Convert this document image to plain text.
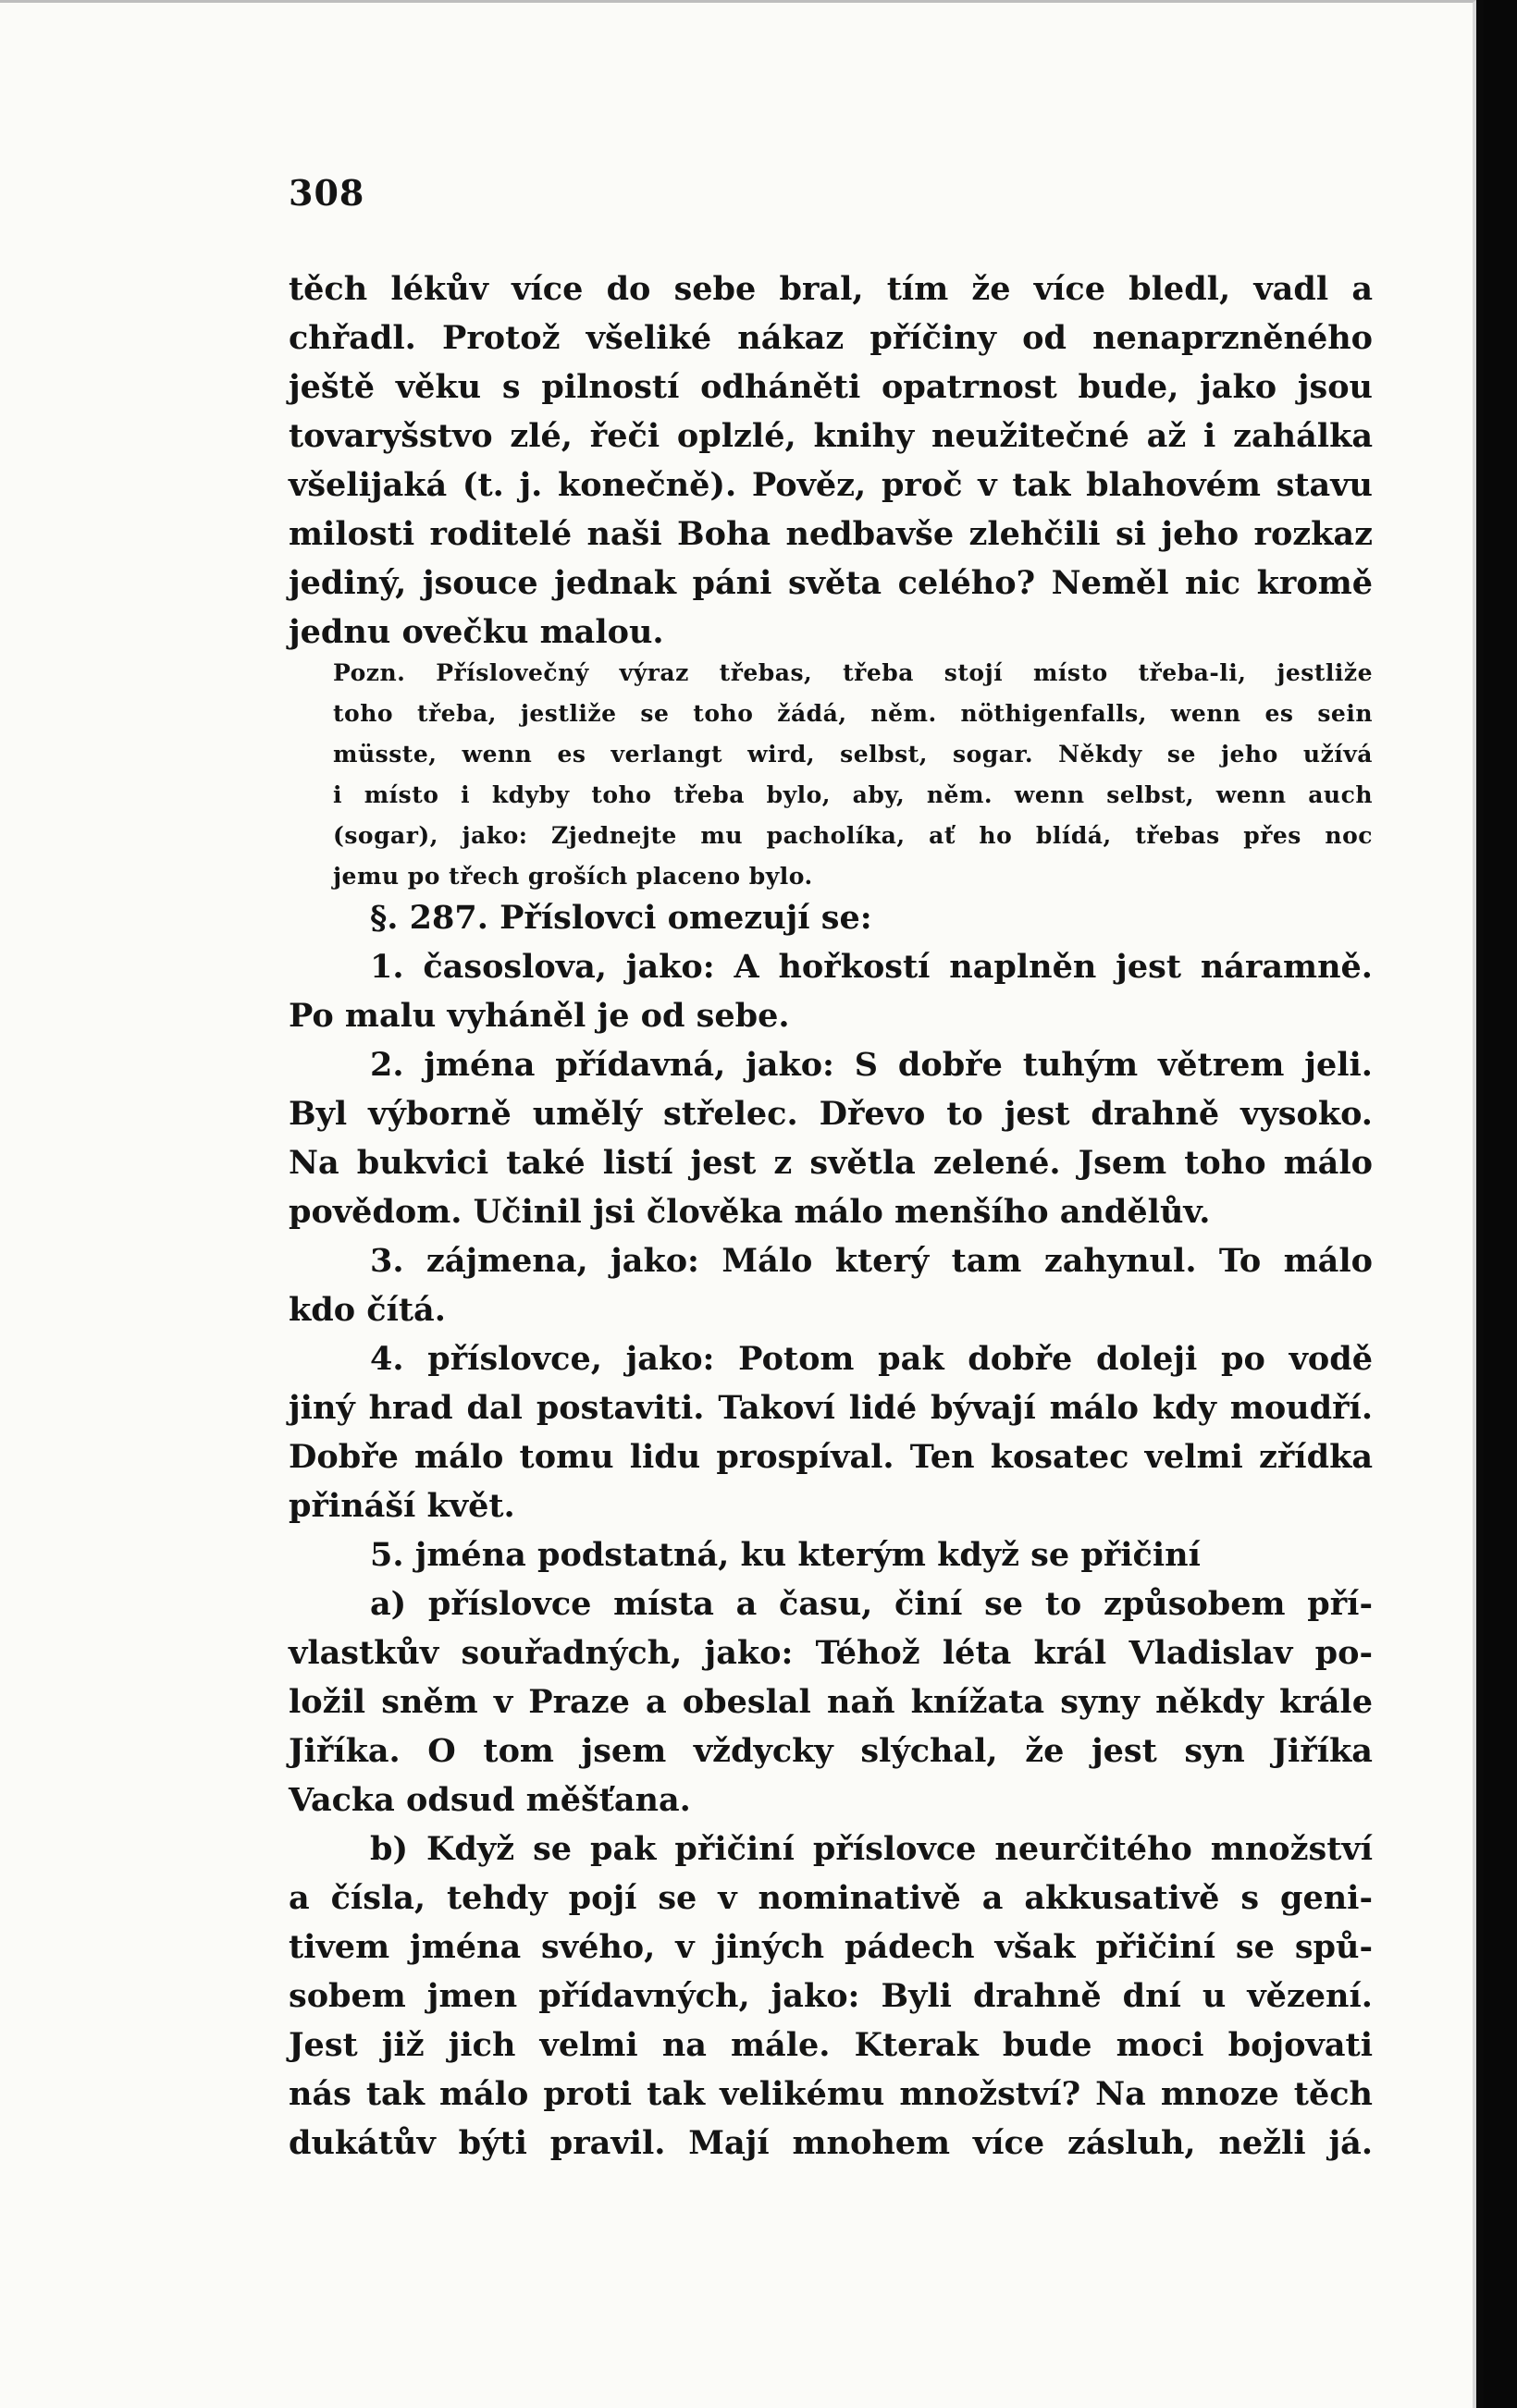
308
těch lékův více do sebe bral, tím že více bledl, vadl a
chřadl. Protož všeliké nákaz příčiny od nenaprzněného
ještě věku s pilností odháněti opatrnost bude, jako jsou
tovaryšstvo zlé, řeči oplzlé, knihy neužitečné až i zahálka
všelijaká (t. j. konečně). Pověz, proč v tak blahovém stavu
milosti roditelé naši Boha nedbavše zlehčili si jeho rozkaz
jediný, jsouce jednak páni světa celého? Neměl nic kromě
jednu ovečku malou.
Pozn. Příslovečný výraz třebas, třeba stojí místo třeba-li, jestliže
toho třeba, jestliže se toho žádá, něm. nöthigenfalls, wenn es sein
müsste, wenn es verlangt wird, selbst, sogar. Někdy se jeho užívá
i místo i kdyby toho třeba bylo, aby, něm. wenn selbst, wenn auch
(sogar), jako: Zjednejte mu pacholíka, ať ho blídá, třebas přes noc
jemu po třech groších placeno bylo.
§. 287. Příslovci omezují se:
1. časoslova, jako: A hořkostí naplněn jest náramně.
Po malu vyháněl je od sebe.
2. jména přídavná, jako: S dobře tuhým větrem jeli.
Byl výborně umělý střelec. Dřevo to jest drahně vysoko.
Na bukvici také listí jest z světla zelené. Jsem toho málo
povědom. Učinil jsi člověka málo menšího andělův.
3. zájmena, jako: Málo který tam zahynul. To málo
kdo čítá.
4. příslovce, jako: Potom pak dobře doleji po vodě
jiný hrad dal postaviti. Takoví lidé bývají málo kdy moudří.
Dobře málo tomu lidu prospíval. Ten kosatec velmi zřídka
přináší květ.
5. jména podstatná, ku kterým když se přičiní
a) příslovce místa a času, činí se to způsobem pří-
vlastkův souřadných, jako: Téhož léta král Vladislav po-
ložil sněm v Praze a obeslal naň knížata syny někdy krále
Jiříka. O tom jsem vždycky slýchal, že jest syn Jiříka
Vacka odsud měšťana.
b) Když se pak přičiní příslovce neurčitého množství
a čísla, tehdy pojí se v nominativě a akkusativě s geni-
tivem jména svého, v jiných pádech však přičiní se spů-
sobem jmen přídavných, jako: Byli drahně dní u vězení.
Jest již jich velmi na mále. Kterak bude moci bojovati
nás tak málo proti tak velikému množství? Na mnoze těch
dukátův býti pravil. Mají mnohem více zásluh, nežli já.
